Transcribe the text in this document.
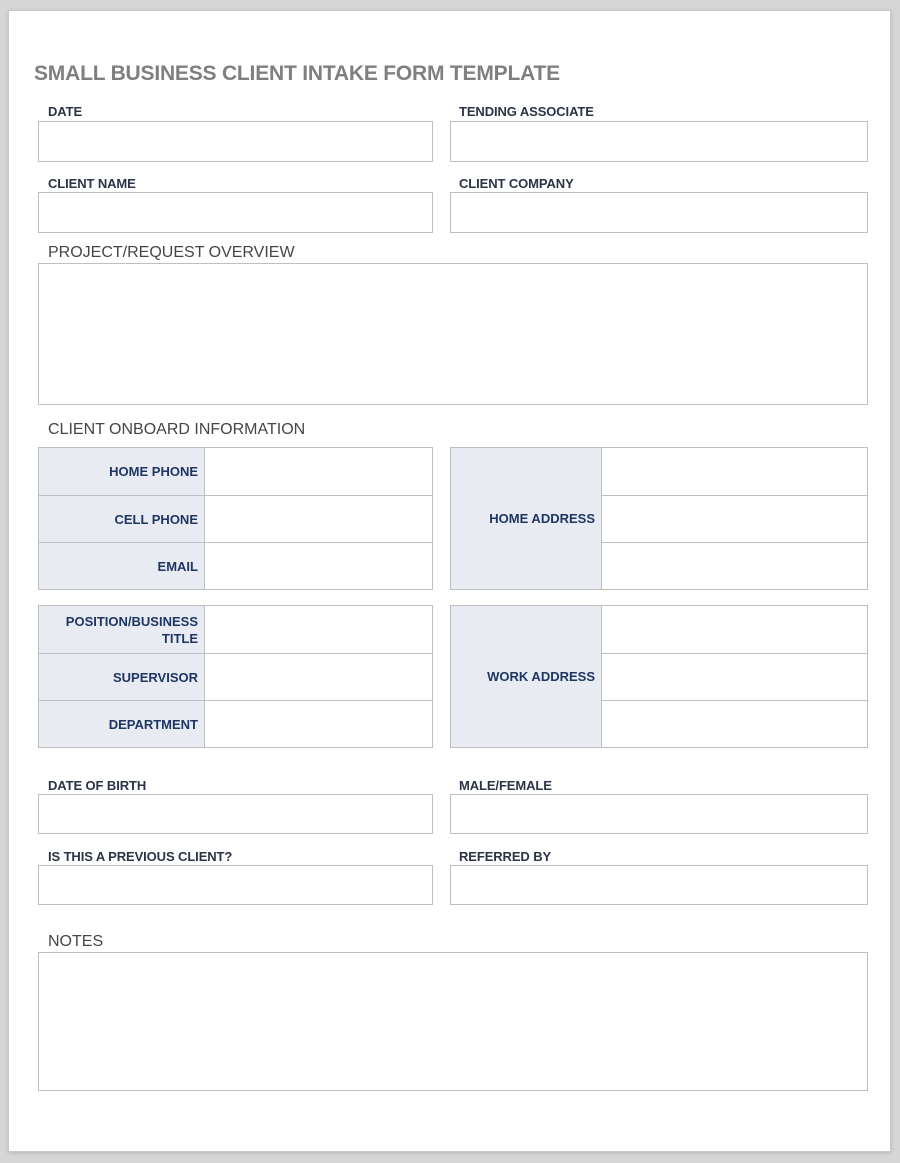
SMALL BUSINESS CLIENT INTAKE FORM TEMPLATE
DATE	TENDING ASSOCIATE
CLIENT NAME	CLIENT COMPANY
PROJECT/REQUEST OVERVIEW
CLIENT ONBOARD INFORMATION
HOME PHONE
CELL PHONE
EMAIL
HOME ADDRESS
POSITION/BUSINESS TITLE
SUPERVISOR
DEPARTMENT
WORK ADDRESS
DATE OF BIRTH	MALE/FEMALE
IS THIS A PREVIOUS CLIENT?	REFERRED BY
NOTES
